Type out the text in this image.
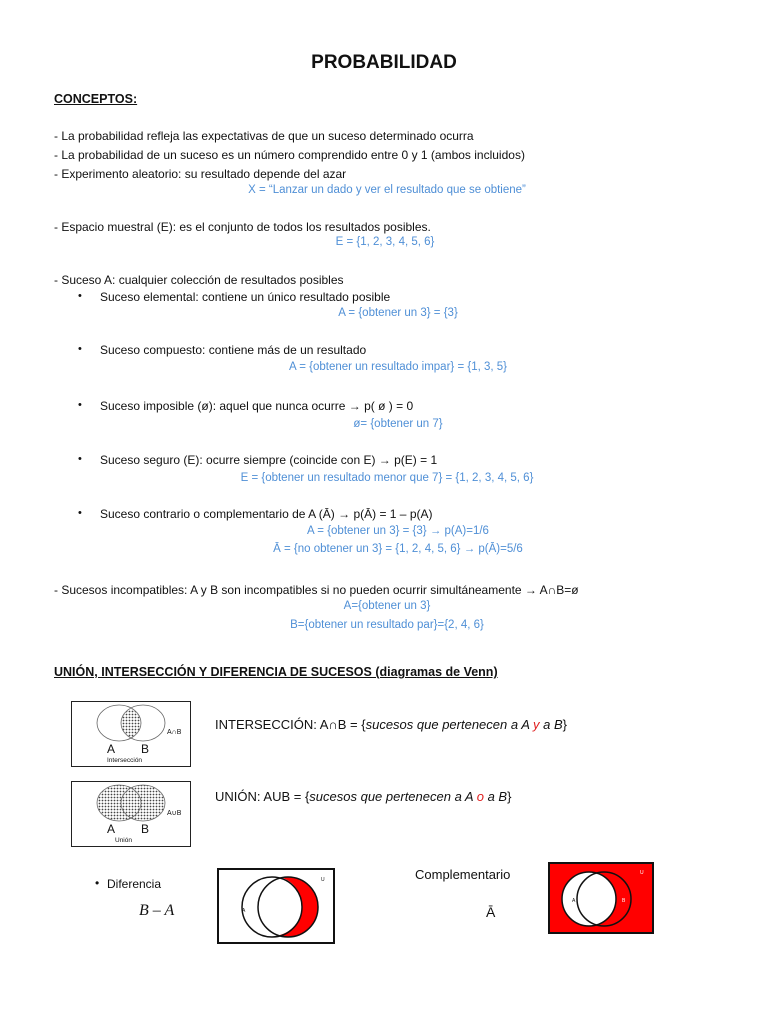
PROBABILIDAD
CONCEPTOS:
- La probabilidad refleja las expectativas de que un suceso determinado ocurra
- La probabilidad de un suceso es un número comprendido entre 0 y 1 (ambos incluidos)
- Experimento aleatorio: su resultado depende del azar
X = “Lanzar un dado y ver el resultado que se obtiene”
- Espacio muestral (E): es el conjunto de todos los resultados posibles.
E = {1, 2, 3, 4, 5, 6}
- Suceso A: cualquier colección de resultados posibles
• Suceso elemental: contiene un único resultado posible
A = {obtener un 3} = {3}
• Suceso compuesto: contiene más de un resultado
A = {obtener un resultado impar} = {1, 3, 5}
• Suceso imposible (ø): aquel que nunca ocurre → p( ø ) = 0
ø= {obtener un 7}
• Suceso seguro (E): ocurre siempre (coincide con E) → p(E) = 1
E = {obtener un resultado menor que 7} = {1, 2, 3, 4, 5, 6}
• Suceso contrario o complementario de A (Ā) → p(Ā) = 1 – p(A)
A = {obtener un 3} = {3} → p(A)=1/6
Ā = {no obtener un 3} = {1, 2, 4, 5, 6} → p(Ā)=5/6
- Sucesos incompatibles: A y B son incompatibles si no pueden ocurrir simultáneamente → A∩B=ø
A={obtener un 3}
B={obtener un resultado par}={2, 4, 6}
UNIÓN, INTERSECCIÓN Y DIFERENCIA DE SUCESOS (diagramas de Venn)
A B
A∩B
Intersección
INTERSECCIÓN: A∩B = {sucesos que pertenecen a A y a B}
A B
A∪B
Unión
UNIÓN: AUB = {sucesos que pertenecen a A o a B}
• Diferencia
B – A
U
A	B
Complementario
Ā
U
A	B
